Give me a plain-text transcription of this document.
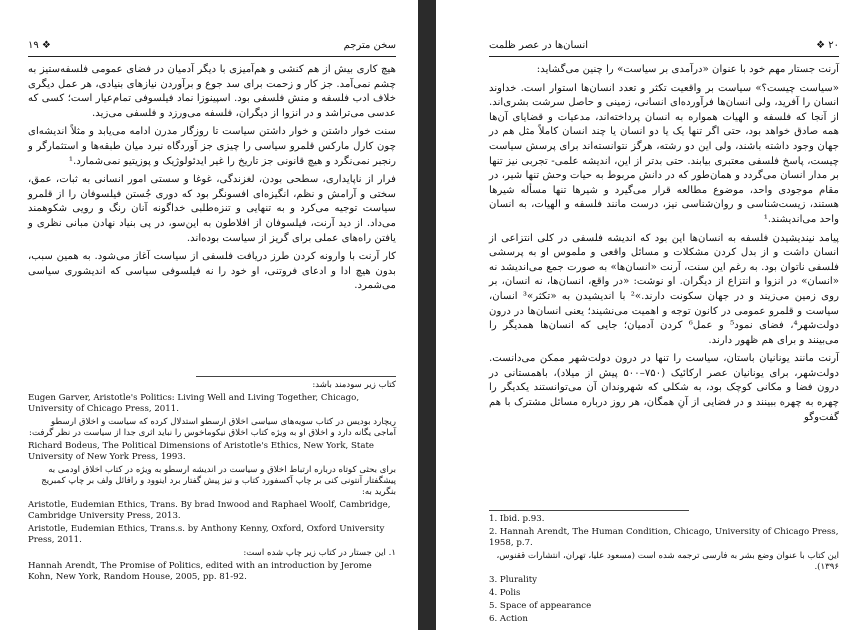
۱۹ ❖	سخن مترجم

هیچ کاری بیش از هم کنشی و هم‌آمیزی با دیگر آدمیان در فضای عمومی فلسفه‌ستیز به چشم نمی‌آمد. جز کار و زحمت برای سد جوع و برآوردن نیازهای بنیادی، هر عمل دیگری خلاف ادب فلسفه و منش فلسفی بود. اسپینوزا نماد فیلسوفی تمام‌عیار است؛ کسی که عدسی می‌تراشد و در انزوا از دیگران، فلسفه می‌ورزد و فلسفی می‌زید.

سنت خوار داشتن و خوار داشتن سیاست تا روزگار مدرن ادامه می‌یابد و مثلاً اندیشه‌ای چون کارل مارکس قلمرو سیاسی را چیزی جز آوردگاه نبرد میان طبقه‌ها و استثمارگر و رنجبر نمی‌نگرد و هیچ قانونی جز تاریخ را غیر ایدئولوژیک و پوزیتیو نمی‌شمارد.¹

فرار از ناپایداری، سطحی بودن، لغزندگی، غوغا و سستی امور انسانی به ثبات، عمق، سختی و آرامش و نظم، انگیزه‌ای افسونگر بود که دوری جُستن فیلسوفان را از قلمرو سیاست توجیه می‌کرد و به تنهایی و تنزه‌طلبی خداگونه آنان رنگ و رویی شکوهمند می‌داد. از دید آرنت، فیلسوفان از افلاطون به این‌سو، در پی بنیاد نهادن مبانی نظری و یافتن راه‌های عملی برای گریز از سیاست بوده‌اند.

کار آرنت با وارونه کردن طرز دریافت فلسفی از سیاست آغاز می‌شود. به همین سبب، بدون هیچ ادا و ادعای فروتنی، او خود را نه فیلسوفی سیاسی که اندیشوری سیاسی می‌شمرد.

کتاب زیر سودمند باشد:

Eugen Garver, Aristotle's Politics: Living Well and Living Together, Chicago, University of Chicago Press, 2011.

ریچارد بودیس در کتاب سویه‌های سیاسی اخلاق ارسطو استدلال کرده که سیاست و اخلاق ارسطو آماجی یگانه دارد و اخلاق او به ویژه کتاب اخلاق نیکوماخوس را نباید اثری جدا از سیاست در نظر گرفت:

Richard Bodeus, The Political Dimensions of Aristotle's Ethics, New York, State University of New York Press, 1993.

برای بحثی کوتاه درباره ارتباط اخلاق و سیاست در اندیشه ارسطو به ویژه در کتاب اخلاق اودمی به پیشگفتار آنتونی کنی بر چاپ آکسفورد کتاب و نیز پیش گفتار برد اینوود و رافائل ولف بر چاپ کمبریج بنگرید به:

Aristotle, Eudemian Ethics, Trans. By brad Inwood and Raphael Woolf, Cambridge, Cambridge University Press, 2013.

Aristotle, Eudemian Ethics, Trans.s. by Anthony Kenny, Oxford, Oxford University Press, 2011.

۱. این جستار در کتاب زیر چاپ شده است:

Hannah Arendt, The Promise of Politics, edited with an introduction by Jerome Kohn, New York, Random House, 2005, pp. 81-92.

❖ ۲۰
انسان‌ها در عصر ظلمت

آرنت جستار مهم خود با عنوان «درآمدی بر سیاست» را چنین می‌گشاید:

«سیاست چیست؟» سیاست بر واقعیت تکثر و تعدد انسان‌ها استوار است. خداوند انسان را آفرید، ولی انسان‌ها فرآورده‌ای انسانی، زمینی و حاصل سرشت بشری‌اند. از آنجا که فلسفه و الهیات همواره به انسان پرداخته‌اند، مدعیات و قضایای آن‌ها همه صادق خواهد بود، حتی اگر تنها یک یا دو انسان یا چند انسان کاملاً مثل هم در جهان وجود داشته باشند، ولی این دو رشته، هرگز نتوانسته‌اند برای پرسش سیاست چیست، پاسخ فلسفی معتبری بیابند. حتی بدتر از این، اندیشه علمی- تجربی نیز تنها بر مدار انسان می‌گردد و همان‌طور که در دانش مربوط به حیات وحش تنها شیر، در مقام موجودی واحد، موضوع مطالعه قرار می‌گیرد و شیرها تنها مسأله شیرها هستند، زیست‌شناسی و روان‌شناسی نیز، درست مانند فلسفه و الهیات، به انسان واحد می‌اندیشند.¹

پیامد نیندیشیدن فلسفه به انسان‌ها این بود که اندیشه فلسفی در کلی انتزاعی از انسان داشت و از بدل کردن مشکلات و مسائل واقعی و ملموس او به پرسشی فلسفی ناتوان بود. به رغم این سنت، آرنت «انسان‌ها» به صورت جمع می‌اندیشد نه «انسان» در انزوا و انتزاع از دیگران. او نوشت: «در واقع، انسان‌ها، نه انسان، بر روی زمین می‌زیند و در جهان سکونت دارند.»² با اندیشیدن به «تکثر»³ انسان، سیاست و قلمرو عمومی در کانون توجه و اهمیت می‌نشیند؛ یعنی انسان‌ها در درون دولت‌شهر⁴، فضای نمود⁵ و عمل⁶ کردن آدمیان؛ جایی که انسان‌ها همدیگر را می‌بینند و برای هم ظهور دارند.

آرنت مانند یونانیان باستان، سیاست را تنها در درون دولت‌شهر ممکن می‌دانست. دولت‌شهر، برای یونانیان عصر ارکائیک (۷۵۰–۵۰۰ پیش از میلاد)، باهمستانی در درون فضا و مکانی کوچک بود، به شکلی که شهروندان آن می‌توانستند یکدیگر را چهره به چهره ببینند و در فضایی از آنِ همگان، هر روز درباره مسائل مشترک با هم گفت‌وگو

1. Ibid. p.93.

2. Hannah Arendt, The Human Condition, Chicago, University of Chicago Press, 1958, p.7.

این کتاب با عنوان وضع بشر به فارسی ترجمه شده است (مسعود علیا، تهران، انتشارات ققنوس، ۱۳۹۶).

3. Plurality

4. Polis

5. Space of appearance

6. Action
